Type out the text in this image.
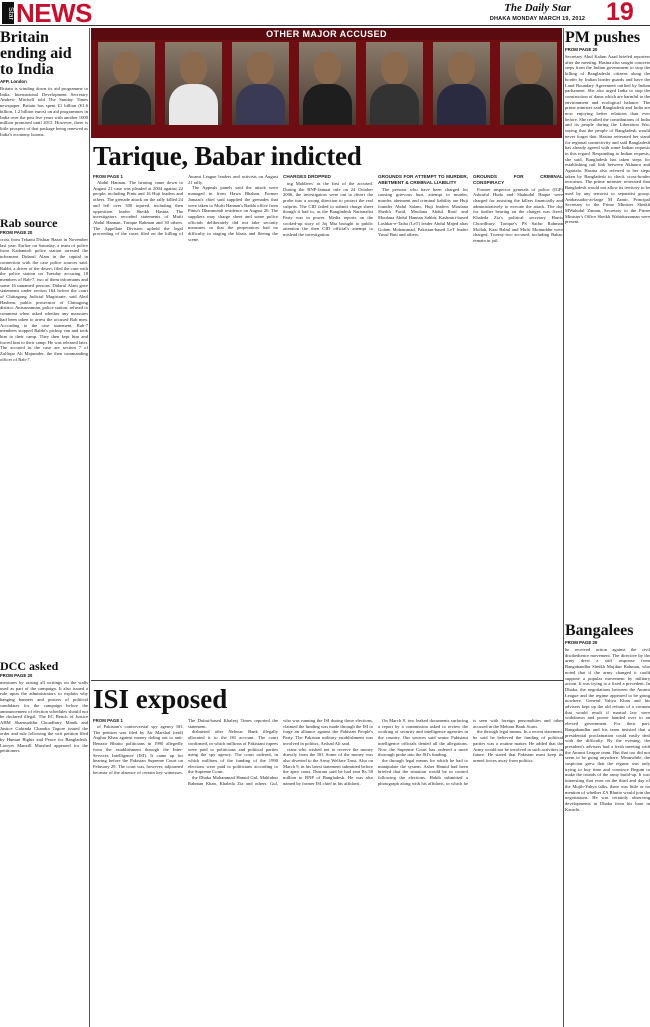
Star NEWS	The Daily Star
DHAKA MONDAY MARCH 19, 2012 19
Britain ending aid to India
AFP, London
Britain is winding down its aid programme to India, International Development Secretary Andrew Mitchell told The Sunday Times newspaper. Britain has spent £1 billion (€1.6 billion, 1.2 billion euros) on aid programmes in India over the past five years with another 1000 million promised until 2015. However, there is little prospect of that package being renewed as India's economy booms.
Rab source
FROM PAGE 20
cross from Tekanu Dishiar Bazar in November last year. Earlier on Saturday, a team of police from Kadamtoli police station arrested the informant Didarul Alam in the capital in connection with the case police sources said. Rabbi, a driver of the desert, filed the case with the police station on Tuesday accusing 18 members of Rab-7, two of them informants and some 16 unnamed persons. Didarul Alam gave statements under section 164 before the court of Chittagong Judicial Magistrate, said Abul Hashem, public prosecutor of Chittagong district. Anisuzzaman, police station, refused to comment when asked whether any measures had been taken to arrest the accused Rab men. According to the case statement, Rab-7 members stopped Rabbi's pickup van and took him to their camp. They then kept him and forced him to their camp. He was released later. The accused in the case are section 7 of Zulfiqar Ali Majumder, the then commanding officer of Rab-7.
DCC asked
FROM PAGE 20
measures by raising all writings on the walls used as part of the campaign. It also issued a rule upon the administrators to explain why hanging banners and posters of political candidates for the campaign before the announcement of election schedules should not be declared illegal. The EC Bench of Justice AHM Shamsuddin Choudhury Manik and Justice Gobinda Chandra Tagore issued the order and rule following the writ petition filed by Human Rights and Peace for Bangladesh. Lawyer Manzill Murshed appeared for the petitioners.
OTHER MAJOR ACCUSED
Tarique, Babar indicted
FROM PAGE 1

Abdul Hannan. The hearing came down to August 21 case was pleaded at 2004 against 22 people, including Pintu and 16 Huji leaders and others. The grenade attack on the rally killed 24 and left over 300 injured, including then opposition leader Sheikh Hasina. The investigators recorded statements of Mufti Abdul Hannan, Tarique Rahman and 30 others. The Appellate Division upheld the legal proceeding of the cases filed on the killing of Awami League leaders and activists on August 21 rally.

The Appeals panels said the attack were managed in from Hawa Bhaban. Former Jamaat's chief said supplied the grenades that were taken to Mufti Hannan's Badda office from Pintu's Dhanmondi residence on August 20. The suppliers may charge sheet and some police officials deliberately did not take security measures so that the perpetrators had no difficulty in staging the blasts and fleeing the scene.

CHARGES DROPPED

ing Maldives' as the first of the accused. During the BNP-Jamaat rule on 24 October 2006, the investigators were out to divert the probe into a wrong direction to protect the real culprits. The CID failed to submit charge sheet though it had to, as the Bangladesh Nationalist Party was in power. Media reports on the cooked-up story of Joj Mia brought to public attention the then CID official's attempt to mislead the investigation.

GROUNDS FOR ATTEMPT TO MURDER, ABETMENT & CRIMINAL LIABILITY

The persons who have been charged for causing grievous hurt, attempt to murder, murder, abetment and criminal liability are Huji founder Abdul Salam, Huji leaders Moulana Sheikh Farid, Moulana Abdul Rouf and Moulana Abdul Hannan Sabbir, Kashmiri-based Lashkar-e-Taiba (LeT) leader Abdul Majed alias Golam Mohammad, Pakistan-based LeT leader Yusuf Butt and others.

GROUNDS FOR CRIMINAL CONSPIRACY

Former inspector generals of police (IGP) Ashraful Huda and Shahudul Haque were charged for assisting the killers financially and administratively to execute the attack. The day for further hearing on the charges was fixed. Khaleda Zia's political secretary Harris Chowdhury, Tarique's PS Saifur Rahman Mollah, Kazi Babul and Mufti Moinuddin were charged. Twenty-two accused, including Babar, remain in jail.

ISI exposed
FROM PAGE 1

of Pakistan's controversial spy agency ISI. The petition was filed by Air Marshal (retd) Asghar Khan against money doling out to anti-Benazir Bhutto politicians in 1990 allegedly from the establishment through the Inter-Services Intelligence (ISI). It came up for hearing before the Pakistan Supreme Court on February 29. The court was, however, adjourned because of the absence of certain key witnesses. The Dubai-based Khaleej Times reported the statement.

disbursed after Nehwar Bank illegally allocated it to the ISI account. The court confirmed, in which millions of Pakistani rupees were paid to politicians and political parties using the spy agency. The court ordered, in which millions of the funding of the 1990 elections were paid to politicians according to the Supreme Court.

the Dhaka Mohammad Hamid Gul, Mahlubur Rahman Khan, Khaleda Zia and others. Gul, who was running the ISI during those elections, claimed the funding was made through the ISI to forge an alliance against the Pakistan People's Party. The Pakistan military establishment was involved in politics, Arshad Ali said.

cians who wished not to receive the money directly from the ISI. Some of the money was also diverted to the Army Welfare Trust. Also on March 9, in his latest statement submitted before the apex court, Durrani said he had sent Rs 50 million to BNP of Bangladesh. He was also named by former ISI chief in his affidavit.

On March 8, two leaked documents surfacing a report by a commission asked to review the working of security and intelligence agencies in the country. Our sources said senior Pakistani intelligence officials denied all the allegations. Now the Supreme Court has ordered a more thorough probe into the ISI's funding.

the through legal means for which he had to manipulate the system. Asher Hamid had been briefed that the situation would be in control following the elections. Habib submitted a photograph along with his affidavit, in which he is seen with foreign personalities and other accused in the Mehran Bank Scam.

the through legal means. In a recent statement, he said he believed the funding of political parties was a routine matter. He added that the Army would not be involved in such activities in future. He stated that Pakistan must keep its armed forces away from politics.

PM pushes
FROM PAGE 20
Secretary Abul Kalam Azad briefed reporters after the meeting. Hasina also sought concrete steps from the Indian government to stop the killing of Bangladeshi citizens along the border by Indian border guards and have the Land Boundary Agreement ratified by Indian parliament. She also urged India to stop the construction of dams which are harmful to the environment and ecological balance. The prime minister said Bangladesh and India are now enjoying better relations than ever before. She recalled the contributions of India and its people during the Liberation War, saying that the people of Bangladesh would never forget that. Hasina reiterated her stand for regional connectivity and said Bangladesh has already agreed with some Indian requests in this regard. Responding to Indian requests, she said, Bangladesh has taken steps for establishing rail link between Akhaura and Agartala. Hasina also referred to her steps taken by Bangladesh to check cross-border terrorism. The prime minister reiterated that Bangladesh would not allow its territory to be used by any terrorist or separatist group. Ambassador-at-large M Zamir, Principal Secretary to the Prime Minister Sheikh MWahidul Zaman, Secretary to the Prime Minister's Office Sheikh Wahiduzzaman were present.
Bangalees
FROM PAGE 20
he received action against the civil disobedience movement. The directive by the army drew a stiff response from Bangabandhu Sheikh Mujibur Rahman, who noted that if the army changed it could suppose a popular movement by military action. It was trying to a fixed a precedent. In Dhaka, the negotiations between the Awami League and the regime appeared to be going nowhere. General Yahya Khan and his advisers kept up the old refrain of a vacuum that would result if martial law were withdrawn and power handed over to an elected government. For their part, Bangabandhu and his team insisted that a presidential proclamation could easily deal with the difficulty. By the evening, the president's advisers had a fresh meeting with the Awami League team. But that too did not seem to be going anywhere. Meanwhile, the suspicion grew that the regime was only trying to buy time and convince Begum to make the rounds of the army build-up. It was interesting that even on the third and day of the Mujib-Yahya talks, there was little or no mention of whether ZA Bhutto would join the negotiations. He was certainly observing developments in Dhaka from his base in Karachi.
